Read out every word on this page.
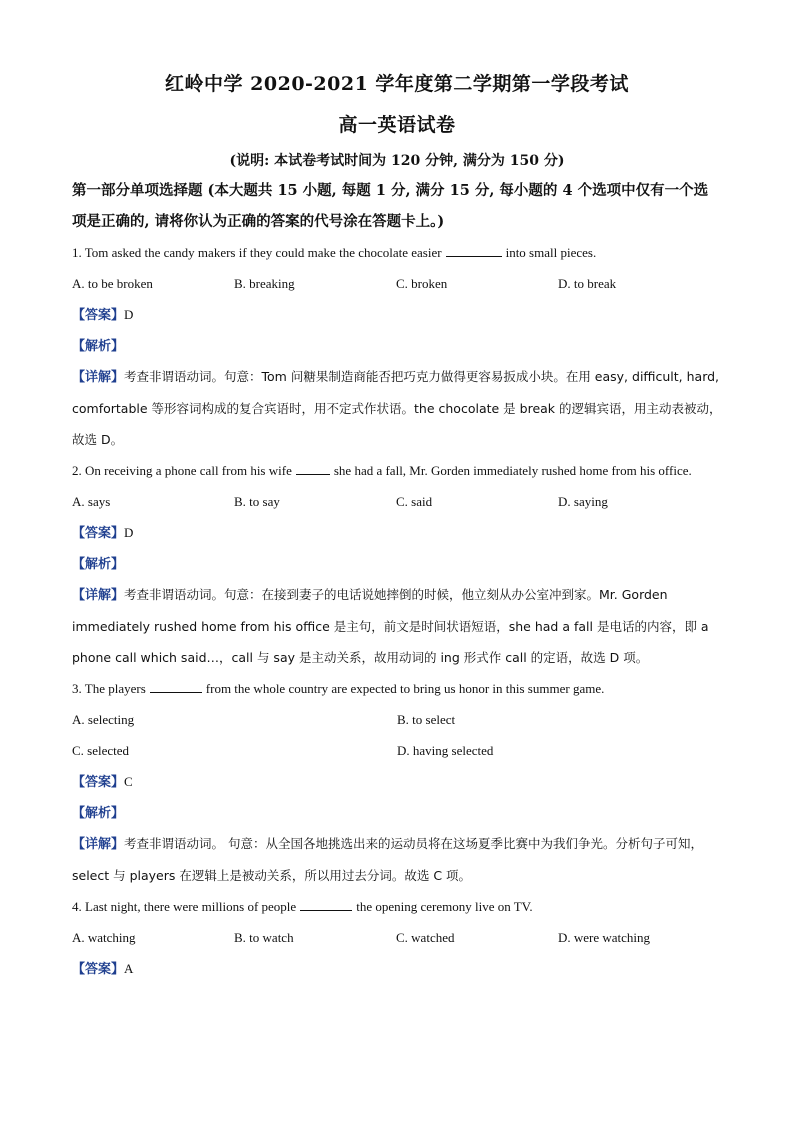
红岭中学 2020-2021 学年度第二学期第一学段考试
高一英语试卷
(说明: 本试卷考试时间为 120 分钟, 满分为 150 分)
第一部分单项选择题 (本大题共 15 小题, 每题 1 分, 满分 15 分, 每小题的 4 个选项中仅有一个选项是正确的, 请将你认为正确的答案的代号涂在答题卡上。)
1. Tom asked the candy makers if they could make the chocolate easier	into small pieces.
A. to be broken	B. breaking	C. broken	D. to break
【答案】D
【解析】
【详解】考查非谓语动词。句意：Tom 问糖果制造商能否把巧克力做得更容易扳成小块。在用 easy, difficult, hard, comfortable 等形容词构成的复合宾语时，用不定式作状语。the chocolate 是 break 的逻辑宾语，用主动表被动，故选 D。
2. On receiving a phone call from his wife	she had a fall, Mr. Gorden immediately rushed home from his office.
A. says	B. to say	C. said	D. saying
【答案】D
【解析】
【详解】考查非谓语动词。句意：在接到妻子的电话说她摔倒的时候，他立刻从办公室冲到家。Mr. Gorden immediately rushed home from his office 是主句，前文是时间状语短语，she had a fall 是电话的内容，即 a phone call which said…，call 与 say 是主动关系，故用动词的 ing 形式作 call 的定语，故选 D 项。
3. The players	from the whole country are expected to bring us honor in this summer game.
A. selecting	B. to select
C. selected	D. having selected
【答案】C
【解析】
【详解】考查非谓语动词。 句意：从全国各地挑选出来的运动员将在这场夏季比赛中为我们争光。分析句子可知，select 与 players 在逻辑上是被动关系，所以用过去分词。故选 C 项。
4. Last night, there were millions of people	the opening ceremony live on TV.
A. watching	B. to watch	C. watched	D. were watching
【答案】A
